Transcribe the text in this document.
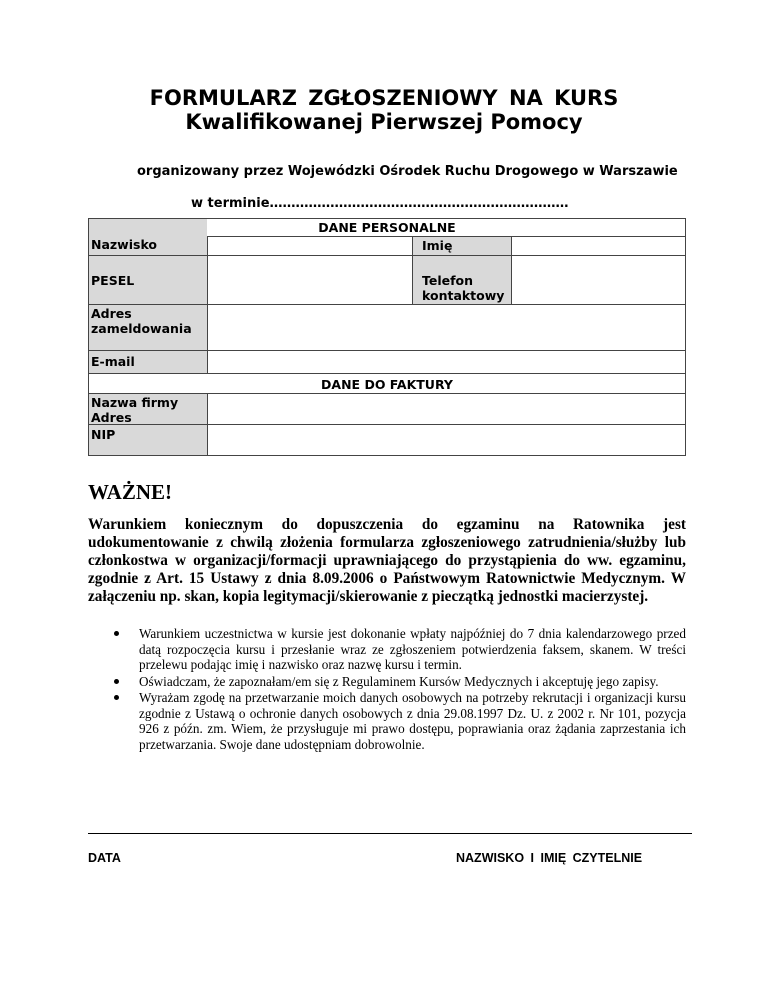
FORMULARZ ZGŁOSZENIOWY NA KURS
Kwalifikowanej Pierwszej Pomocy
organizowany przez Wojewódzki Ośrodek Ruchu Drogowego w Warszawie
w terminie……………………………………………………………
DANE PERSONALNE
Nazwisko	Imię
PESEL	Telefon kontaktowy
Adres zameldowania
E-mail
DANE DO FAKTURY
Nazwa firmy
Adres
NIP
WAŻNE!
Warunkiem koniecznym do dopuszczenia do egzaminu na Ratownika jest udokumentowanie z chwilą złożenia formularza zgłoszeniowego zatrudnienia/służby lub członkostwa w organizacji/formacji uprawniającego do przystąpienia do ww. egzaminu, zgodnie z Art. 15 Ustawy z dnia 8.09.2006 o Państwowym Ratownictwie Medycznym. W załączeniu np. skan, kopia legitymacji/skierowanie z pieczątką jednostki macierzystej.
Warunkiem uczestnictwa w kursie jest dokonanie wpłaty najpóźniej do 7 dnia kalendarzowego przed datą rozpoczęcia kursu i przesłanie wraz ze zgłoszeniem potwierdzenia faksem, skanem. W treści przelewu podając imię i nazwisko oraz nazwę kursu i termin.
Oświadczam, że zapoznałam/em się z Regulaminem Kursów Medycznych i akceptuję jego zapisy.
Wyrażam zgodę na przetwarzanie moich danych osobowych na potrzeby rekrutacji i organizacji kursu zgodnie z Ustawą o ochronie danych osobowych z dnia 29.08.1997 Dz. U. z 2002 r. Nr 101, pozycja 926 z późn. zm. Wiem, że przysługuje mi prawo dostępu, poprawiania oraz żądania zaprzestania ich przetwarzania. Swoje dane udostępniam dobrowolnie.
DATA	NAZWISKO I IMIĘ CZYTELNIE
